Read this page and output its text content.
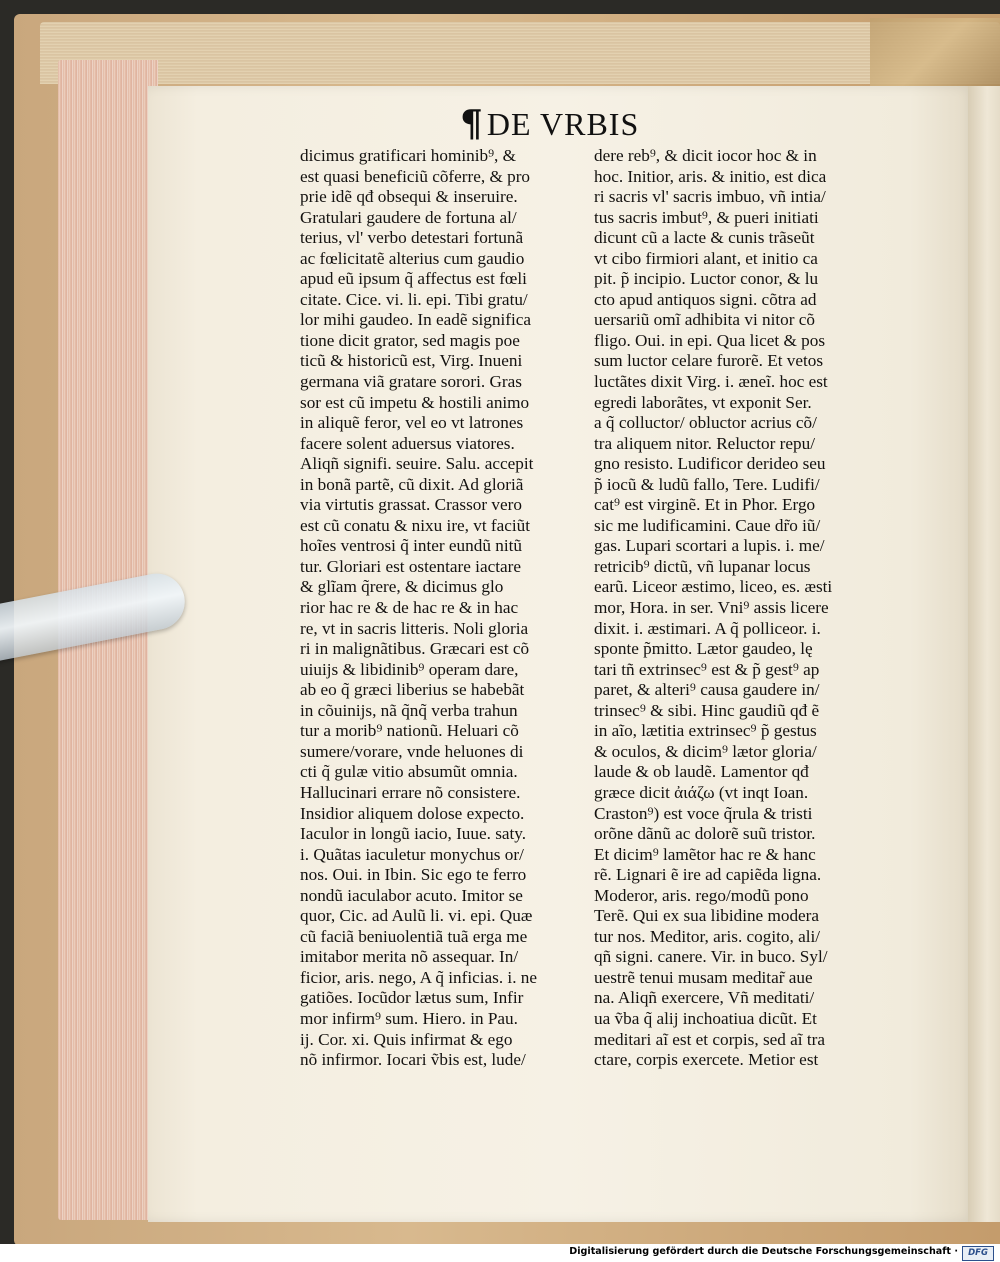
¶ DE VRBIS
dicimus gratificari hominib⁹, &
est quasi beneficiũ cõferre, & pro
prie idẽ qđ obsequi & inseruire.
Gratulari gaudere de fortuna al/
terius, vl' verbo detestari fortunã
ac fœlicitatẽ alterius cum gaudio
apud eũ ipsum q̃ affectus est fœli
citate. Cice. vi. li. epi. Tibi gratu/
lor mihi gaudeo. In eadẽ significa
tione dicit grator, sed magis poe
ticũ & historicũ est, Virg. Inueni
germana viã gratare sorori. Gras
sor est cũ impetu & hostili animo
in aliquẽ feror, vel eo vt latrones
facere solent aduersus viatores.
Aliqñ signifi. seuire. Salu. accepit
in bonã partẽ, cũ dixit. Ad gloriã
via virtutis grassat. Crassor vero
est cũ conatu & nixu ire, vt faciũt
hoĩes ventrosi q̃ inter eundũ nitũ
tur. Gloriari est ostentare iactare
& glĩam q̃rere, & dicimus glo
rior hac re & de hac re & in hac
re, vt in sacris litteris. Noli gloria
ri in malignãtibus. Græcari est cõ
uiuijs & libidinib⁹ operam dare,
ab eo q̃ græci liberius se habebãt
in cõuinijs, nã q̃nq̃ verba trahun
tur a morib⁹ nationũ. Heluari cõ
sumere/vorare, vnde heluones di
cti q̃ gulæ vitio absumũt omnia.
Hallucinari errare nõ consistere.
Insidior aliquem dolose expecto.
Iaculor in longũ iacio, Iuue. saty.
i. Quãtas iaculetur monychus or/
nos. Oui. in Ibin. Sic ego te ferro
nondũ iaculabor acuto. Imitor se
quor, Cic. ad Aulũ li. vi. epi. Quæ
cũ faciã beniuolentiã tuã erga me
imitabor merita nõ assequar. In/
ficior, aris. nego, A q̃ inficias. i. ne
gatiões. Iocũdor lætus sum, Infir
mor infirm⁹ sum. Hiero. in Pau.
ij. Cor. xi. Quis infirmat & ego
nõ infirmor. Iocari ṽbis est, lude/
dere reb⁹, & dicit iocor hoc & in
hoc. Initior, aris. & initio, est dica
ri sacris vl' sacris imbuo, vñ intia/
tus sacris imbut⁹, & pueri initiati
dicunt cũ a lacte & cunis trãseũt
vt cibo firmiori alant, et initio ca
pit. p̃ incipio. Luctor conor, & lu
cto apud antiquos signi. cõtra ad
uersariũ omĩ adhibita vi nitor cõ
fligo. Oui. in epi. Qua licet & pos
sum luctor celare furorẽ. Et vetos
luctãtes dixit Virg. i. æneĩ. hoc est
egredi laborãtes, vt exponit Ser.
a q̃ colluctor/ obluctor acrius cõ/
tra aliquem nitor. Reluctor repu/
gno resisto. Ludificor derideo seu
p̃ iocũ & ludũ fallo, Tere. Ludifi/
cat⁹ est virginẽ. Et in Phor. Ergo
sic me ludificamini. Caue dr̃o iũ/
gas. Lupari scortari a lupis. i. me/
retricib⁹ dictũ, vñ lupanar locus
earũ. Liceor æstimo, liceo, es. æsti
mor, Hora. in ser. Vni⁹ assis licere
dixit. i. æstimari. A q̃ polliceor. i.
sponte p̃mitto. Lætor gaudeo, lę
tari tñ extrinsec⁹ est & p̃ gest⁹ ap
paret, & alteri⁹ causa gaudere in/
trinsec⁹ & sibi. Hinc gaudiũ qđ ẽ
in aĩo, lætitia extrinsec⁹ p̃ gestus
& oculos, & dicim⁹ lætor gloria/
laude & ob laudẽ. Lamentor qđ
græce dicit ἀιάζω (vt inqt Ioan.
Craston⁹) est voce q̃rula & tristi
orõne dãnũ ac dolorẽ suũ tristor.
Et dicim⁹ lamẽtor hac re & hanc
rẽ. Lignari ẽ ire ad capiẽda ligna.
Moderor, aris. rego/modũ pono
Terẽ. Qui ex sua libidine modera
tur nos. Meditor, aris. cogito, ali/
qñ signi. canere. Vir. in buco. Syl/
uestrẽ tenui musam meditar̃ aue
na. Aliqñ exercere, Vñ meditati/
ua ṽba q̃ alij inchoatiua dicũt. Et
meditari aĩ est et corpis, sed aĩ tra
ctare, corpis exercete. Metior est
Digitalisierung gefördert durch die Deutsche Forschungsgemeinschaft ·	DFG
